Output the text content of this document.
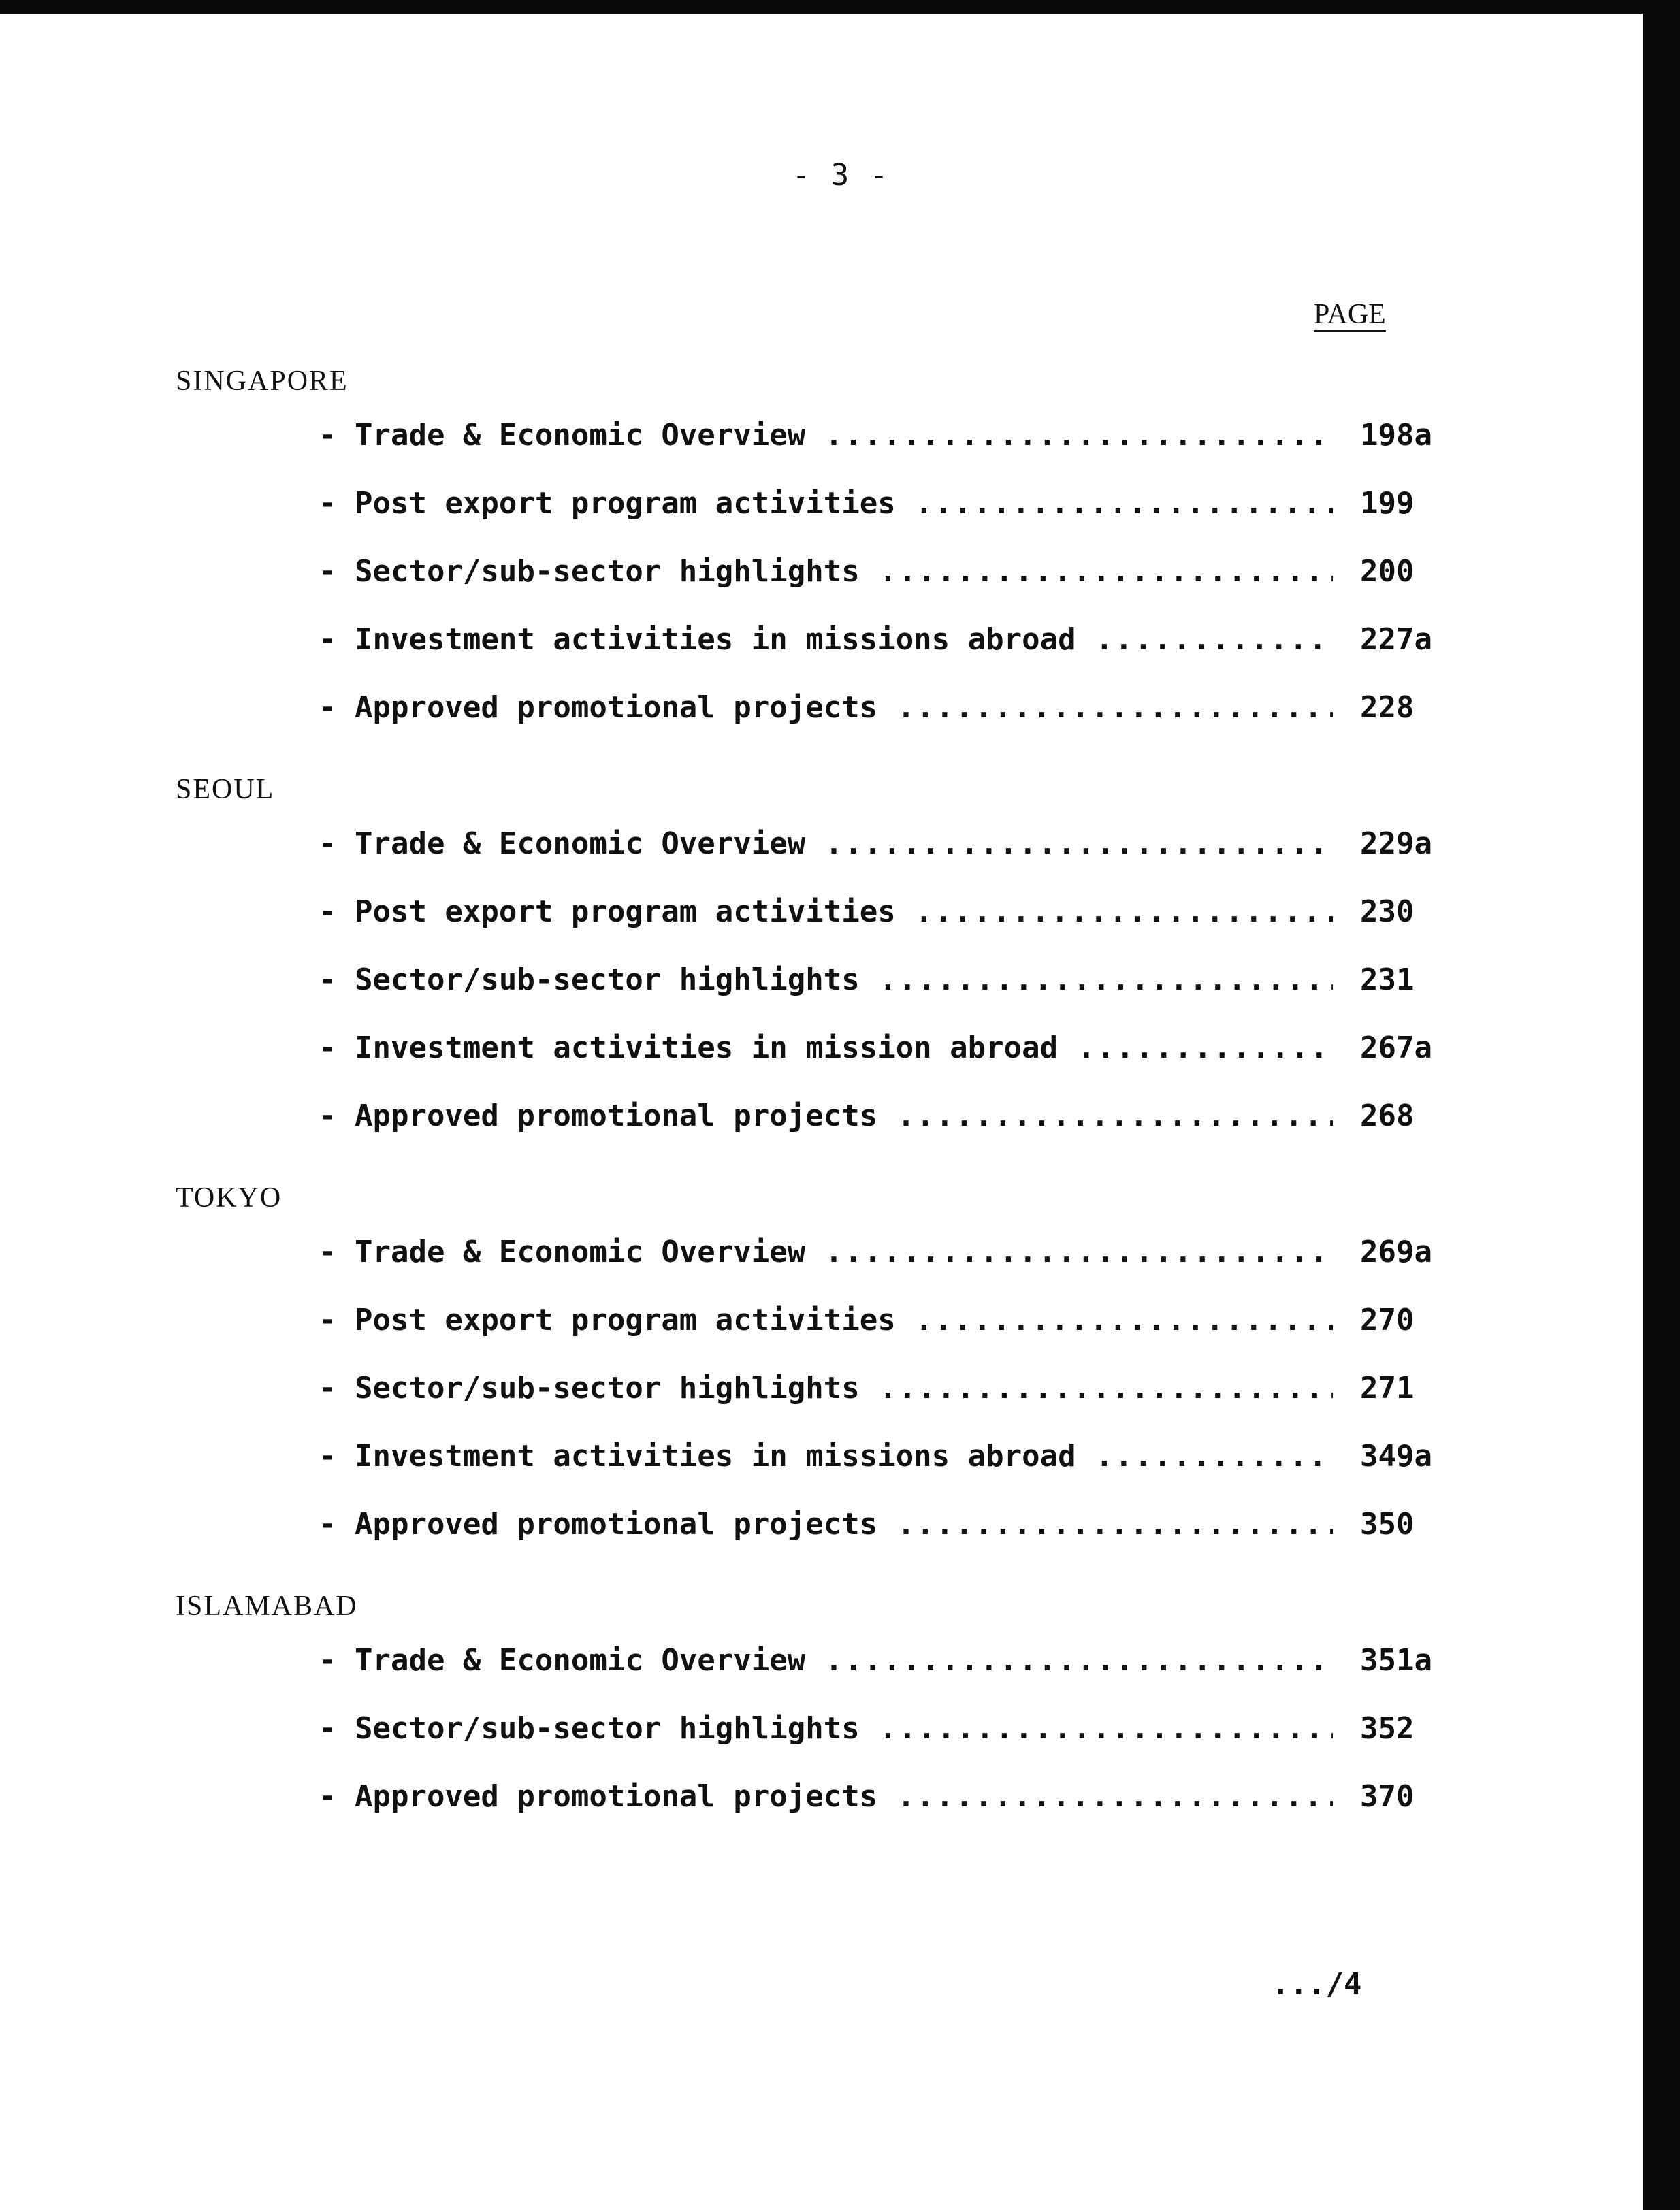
- 3 -
PAGE
SINGAPORE
- Trade & Economic Overview .....	198a
- Post export program activities .....	199
- Sector/sub-sector highlights .....	200
- Investment activities in missions abroad .....	227a
- Approved promotional projects .....	228
SEOUL
- Trade & Economic Overview .....	229a
- Post export program activities .....	230
- Sector/sub-sector highlights .....	231
- Investment activities in mission abroad .....	267a
- Approved promotional projects .....	268
TOKYO
- Trade & Economic Overview .....	269a
- Post export program activities .....	270
- Sector/sub-sector highlights .....	271
- Investment activities in missions abroad .....	349a
- Approved promotional projects .....	350
ISLAMABAD
- Trade & Economic Overview .....	351a
- Sector/sub-sector highlights .....	352
- Approved promotional projects .....	370
.../4
